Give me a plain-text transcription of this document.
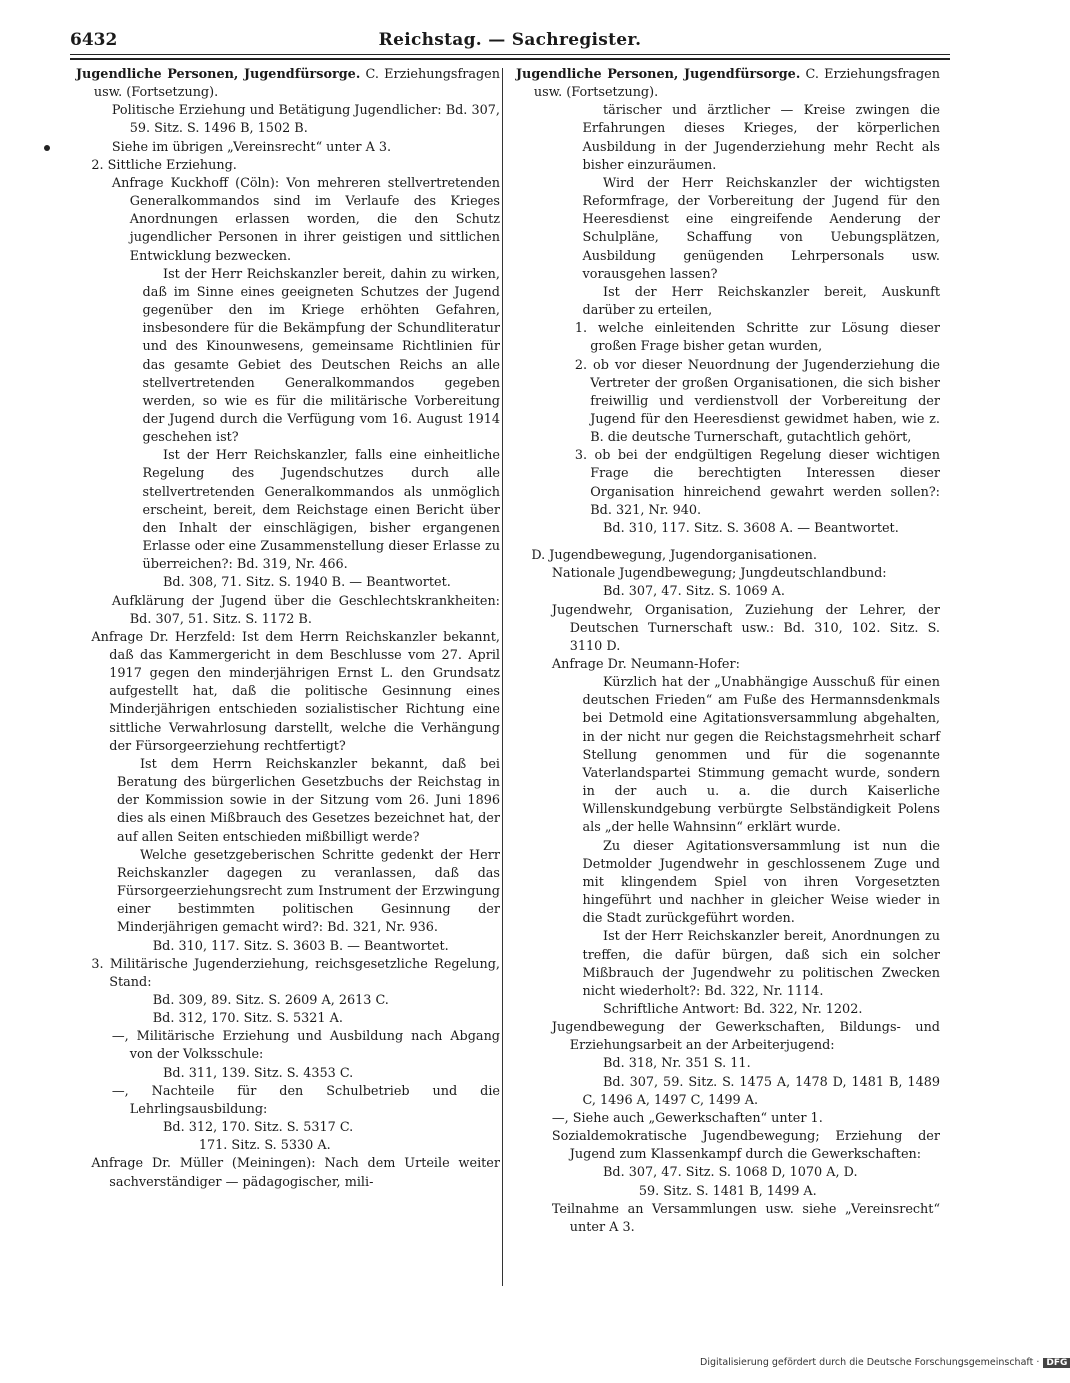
6432	Reichstag. — Sachregister.

Jugendliche Personen, Jugendfürsorge. C. Erziehungsfragen usw. (Fortsetzung).

Politische Erziehung und Betätigung Jugendlicher: Bd. 307, 59. Sitz. S. 1496 B, 1502 B.

Siehe im übrigen „Vereinsrecht“ unter A 3.

2. Sittliche Erziehung.

Anfrage Kuckhoff (Cöln): Von mehreren stellvertretenden Generalkommandos sind im Verlaufe des Krieges Anordnungen erlassen worden, die den Schutz jugendlicher Personen in ihrer geistigen und sittlichen Entwicklung bezwecken.

Ist der Herr Reichskanzler bereit, dahin zu wirken, daß im Sinne eines geeigneten Schutzes der Jugend gegenüber den im Kriege erhöhten Gefahren, insbesondere für die Bekämpfung der Schundliteratur und des Kinounwesens, gemeinsame Richtlinien für das gesamte Gebiet des Deutschen Reichs an alle stellvertretenden Generalkommandos gegeben werden, so wie es für die militärische Vorbereitung der Jugend durch die Verfügung vom 16. August 1914 geschehen ist?

Ist der Herr Reichskanzler, falls eine einheitliche Regelung des Jugendschutzes durch alle stellvertretenden Generalkommandos als unmöglich erscheint, bereit, dem Reichstage einen Bericht über den Inhalt der einschlägigen, bisher ergangenen Erlasse oder eine Zusammenstellung dieser Erlasse zu überreichen?: Bd. 319, Nr. 466.

Bd. 308, 71. Sitz. S. 1940 B. — Beantwortet.

Aufklärung der Jugend über die Geschlechtskrankheiten: Bd. 307, 51. Sitz. S. 1172 B.

Anfrage Dr. Herzfeld: Ist dem Herrn Reichskanzler bekannt, daß das Kammergericht in dem Beschlusse vom 27. April 1917 gegen den minderjährigen Ernst L. den Grundsatz aufgestellt hat, daß die politische Gesinnung eines Minderjährigen entschieden sozialistischer Richtung eine sittliche Verwahrlosung darstellt, welche die Verhängung der Fürsorgeerziehung rechtfertigt?

Ist dem Herrn Reichskanzler bekannt, daß bei Beratung des bürgerlichen Gesetzbuchs der Reichstag in der Kommission sowie in der Sitzung vom 26. Juni 1896 dies als einen Mißbrauch des Gesetzes bezeichnet hat, der auf allen Seiten entschieden mißbilligt werde?

Welche gesetzgeberischen Schritte gedenkt der Herr Reichskanzler dagegen zu veranlassen, daß das Fürsorgeerziehungsrecht zum Instrument der Erzwingung einer bestimmten politischen Gesinnung der Minderjährigen gemacht wird?: Bd. 321, Nr. 936.

Bd. 310, 117. Sitz. S. 3603 B. — Beantwortet.

3. Militärische Jugenderziehung, reichsgesetzliche Regelung, Stand:

Bd. 309, 89. Sitz. S. 2609 A, 2613 C.

Bd. 312, 170. Sitz. S. 5321 A.

—, Militärische Erziehung und Ausbildung nach Abgang von der Volksschule:

Bd. 311, 139. Sitz. S. 4353 C.

—, Nachteile für den Schulbetrieb und die Lehrlingsausbildung:

Bd. 312, 170. Sitz. S. 5317 C.

171. Sitz. S. 5330 A.

Anfrage Dr. Müller (Meiningen): Nach dem Urteile weiter sachverständiger — pädagogischer, mili-

Jugendliche Personen, Jugendfürsorge. C. Erziehungsfragen usw. (Fortsetzung).

tärischer und ärztlicher — Kreise zwingen die Erfahrungen dieses Krieges, der körperlichen Ausbildung in der Jugenderziehung mehr Recht als bisher einzuräumen.

Wird der Herr Reichskanzler der wichtigsten Reformfrage, der Vorbereitung der Jugend für den Heeresdienst eine eingreifende Aenderung der Schulpläne, Schaffung von Uebungsplätzen, Ausbildung genügenden Lehrpersonals usw. vorausgehen lassen?

Ist der Herr Reichskanzler bereit, Auskunft darüber zu erteilen,

1. welche einleitenden Schritte zur Lösung dieser großen Frage bisher getan wurden,

2. ob vor dieser Neuordnung der Jugenderziehung die Vertreter der großen Organisationen, die sich bisher freiwillig und verdienstvoll der Vorbereitung der Jugend für den Heeresdienst gewidmet haben, wie z. B. die deutsche Turnerschaft, gutachtlich gehört,

3. ob bei der endgültigen Regelung dieser wichtigen Frage die berechtigten Interessen dieser Organisation hinreichend gewahrt werden sollen?: Bd. 321, Nr. 940.

Bd. 310, 117. Sitz. S. 3608 A. — Beantwortet.

D. Jugendbewegung, Jugendorganisationen.

Nationale Jugendbewegung; Jungdeutschlandbund:

Bd. 307, 47. Sitz. S. 1069 A.

Jugendwehr, Organisation, Zuziehung der Lehrer, der Deutschen Turnerschaft usw.: Bd. 310, 102. Sitz. S. 3110 D.

Anfrage Dr. Neumann-Hofer:

Kürzlich hat der „Unabhängige Ausschuß für einen deutschen Frieden“ am Fuße des Hermannsdenkmals bei Detmold eine Agitationsversammlung abgehalten, in der nicht nur gegen die Reichstagsmehrheit scharf Stellung genommen und für die sogenannte Vaterlandspartei Stimmung gemacht wurde, sondern in der auch u. a. die durch Kaiserliche Willenskundgebung verbürgte Selbständigkeit Polens als „der helle Wahnsinn“ erklärt wurde.

Zu dieser Agitationsversammlung ist nun die Detmolder Jugendwehr in geschlossenem Zuge und mit klingendem Spiel von ihren Vorgesetzten hingeführt und nachher in gleicher Weise wieder in die Stadt zurückgeführt worden.

Ist der Herr Reichskanzler bereit, Anordnungen zu treffen, die dafür bürgen, daß sich ein solcher Mißbrauch der Jugendwehr zu politischen Zwecken nicht wiederholt?: Bd. 322, Nr. 1114.

Schriftliche Antwort: Bd. 322, Nr. 1202.

Jugendbewegung der Gewerkschaften, Bildungs- und Erziehungsarbeit an der Arbeiterjugend:

Bd. 318, Nr. 351 S. 11.

Bd. 307, 59. Sitz. S. 1475 A, 1478 D, 1481 B, 1489 C, 1496 A, 1497 C, 1499 A.

—, Siehe auch „Gewerkschaften“ unter 1.

Sozialdemokratische Jugendbewegung; Erziehung der Jugend zum Klassenkampf durch die Gewerkschaften:

Bd. 307, 47. Sitz. S. 1068 D, 1070 A, D.

59. Sitz. S. 1481 B, 1499 A.

Teilnahme an Versammlungen usw. siehe „Vereinsrecht“ unter A 3.

Digitalisierung gefördert durch die Deutsche Forschungsgemeinschaft · DFG
